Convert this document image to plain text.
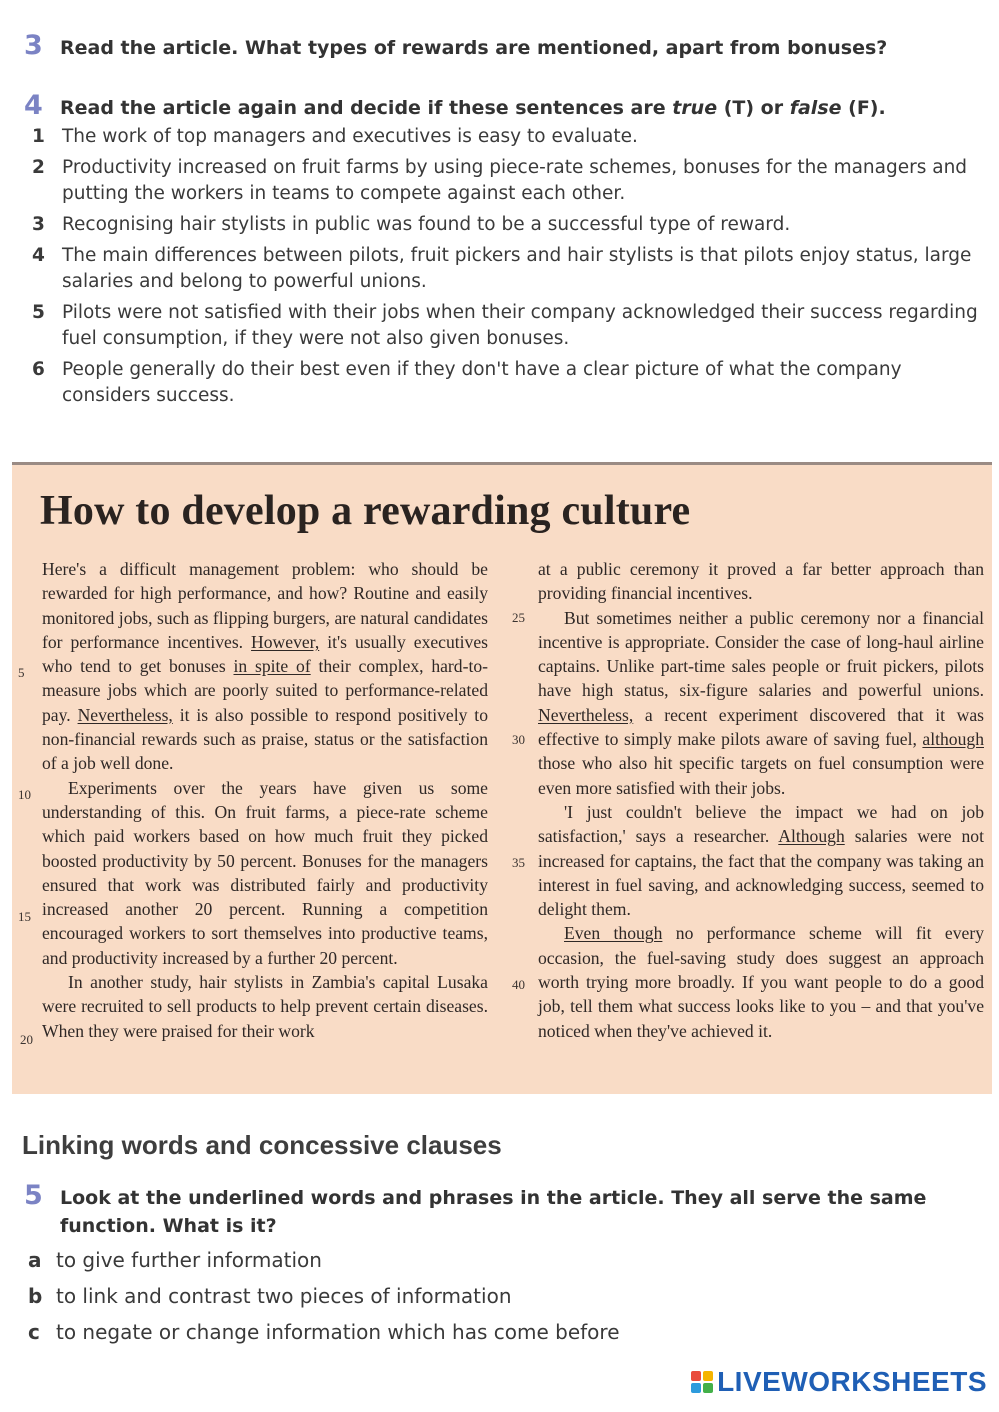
3 Read the article. What types of rewards are mentioned, apart from bonuses?
4 Read the article again and decide if these sentences are true (T) or false (F).
1 The work of top managers and executives is easy to evaluate.
2 Productivity increased on fruit farms by using piece-rate schemes, bonuses for the managers and putting the workers in teams to compete against each other.
3 Recognising hair stylists in public was found to be a successful type of reward.
4 The main differences between pilots, fruit pickers and hair stylists is that pilots enjoy status, large salaries and belong to powerful unions.
5 Pilots were not satisfied with their jobs when their company acknowledged their success regarding fuel consumption, if they were not also given bonuses.
6 People generally do their best even if they don't have a clear picture of what the company considers success.
How to develop a rewarding culture

Here's a difficult management problem: who should be rewarded for high performance, and how? Routine and easily monitored jobs, such as flipping burgers, are natural candidates for performance incentives. However, it's usually executives who tend to get bonuses in spite of their complex, hard-to-measure jobs which are poorly suited to performance-related pay. Nevertheless, it is also possible to respond positively to non-financial rewards such as praise, status or the satisfaction of a job well done.

Experiments over the years have given us some understanding of this. On fruit farms, a piece-rate scheme which paid workers based on how much fruit they picked boosted productivity by 50 percent. Bonuses for the managers ensured that work was distributed fairly and productivity increased another 20 percent. Running a competition encouraged workers to sort themselves into productive teams, and productivity increased by a further 20 percent.

In another study, hair stylists in Zambia's capital Lusaka were recruited to sell products to help prevent certain diseases. When they were praised for their work

at a public ceremony it proved a far better approach than providing financial incentives.

But sometimes neither a public ceremony nor a financial incentive is appropriate. Consider the case of long-haul airline captains. Unlike part-time sales people or fruit pickers, pilots have high status, six-figure salaries and powerful unions. Nevertheless, a recent experiment discovered that it was effective to simply make pilots aware of saving fuel, although those who also hit specific targets on fuel consumption were even more satisfied with their jobs.

'I just couldn't believe the impact we had on job satisfaction,' says a researcher. Although salaries were not increased for captains, the fact that the company was taking an interest in fuel saving, and acknowledging success, seemed to delight them.

Even though no performance scheme will fit every occasion, the fuel-saving study does suggest an approach worth trying more broadly. If you want people to do a good job, tell them what success looks like to you – and that you've noticed when they've achieved it.

5
10
15
20
25
30
35
40
Linking words and concessive clauses
5 Look at the underlined words and phrases in the article. They all serve the same function. What is it?
a to give further information
b to link and contrast two pieces of information
c to negate or change information which has come before
LIVEWORKSHEETS
